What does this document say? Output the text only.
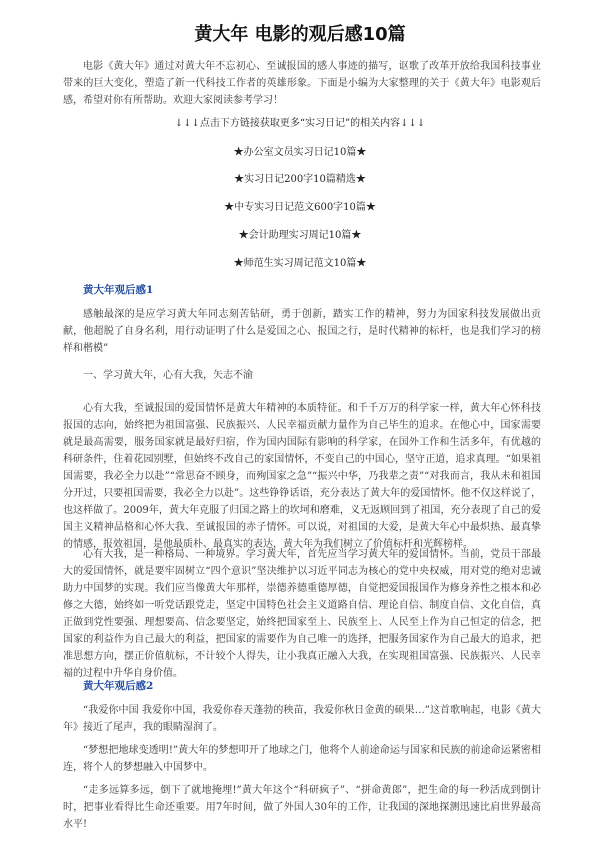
黄大年 电影的观后感10篇

电影《黄大年》通过对黄大年不忘初心、至诚报国的感人事迹的描写，讴歌了改革开放给我国科技事业带来的巨大变化，塑造了新一代科技工作者的英雄形象。下面是小编为大家整理的关于《黄大年》电影观后感，希望对你有所帮助。欢迎大家阅读参考学习！

↓↓↓点击下方链接获取更多“实习日记”的相关内容↓↓↓
★办公室文员实习日记10篇★
★实习日记200字10篇精选★
★中专实习日记范文600字10篇★
★会计助理实习周记10篇★
★师范生实习周记范文10篇★
黄大年观后感1

感触最深的是应学习黄大年同志刻苦钻研，勇于创新，踏实工作的精神，努力为国家科技发展做出贡献，他超脱了自身名利，用行动证明了什么是爱国之心、报国之行，是时代精神的标杆，也是我们学习的榜样和楷模”

一、学习黄大年，心有大我，矢志不渝

心有大我，至诚报国的爱国情怀是黄大年精神的本质特征。和千千万万的科学家一样，黄大年心怀科技报国的志向，始终把为祖国富强、民族振兴、人民幸福贡献力量作为自己毕生的追求。在他心中，国家需要就是最高需要，服务国家就是最好归宿，作为国内国际有影响的科学家，在国外工作和生活多年，有优越的科研条件，住着花园别墅，但始终不改自己的家国情怀，不变自己的中国心，坚守正道，追求真理。“如果祖国需要，我必全力以赴”“常思奋不顾身，而殉国家之急”“振兴中华，乃我辈之责”“对我而言，我从未和祖国分开过，只要祖国需要，我必全力以赴”。这些铮铮话语，充分表达了黄大年的爱国情怀。他不仅这样说了，也这样做了。2009年，黄大年克服了归国之路上的坎坷和磨难，义无返顾回到了祖国，充分表现了自己的爱国主义精神品格和心怀大我、至诚报国的赤子情怀。可以说，对祖国的大爱，是黄大年心中最炽热、最真挚的情感，报效祖国，是他最质朴、最真实的表达，黄大年为我们树立了价值标杆和光辉榜样。

心有大我，是一种格局、一种境界。学习黄大年，首先应当学习黄大年的爱国情怀。当前，党员干部最大的爱国情怀，就是要牢固树立“四个意识”坚决维护以习近平同志为核心的党中央权威，用对党的绝对忠诚助力中国梦的实现。我们应当像黄大年那样，崇德养德重德厚德，自觉把爱国报国作为修身养性之根本和必修之大德，始终如一听党话跟党走，坚定中国特色社会主义道路自信、理论自信、制度自信、文化自信，真正做到党性要强、理想要高、信念要坚定，始终把国家至上、民族至上、人民至上作为自己恒定的信念，把国家的利益作为自己最大的利益，把国家的需要作为自己唯一的选择，把服务国家作为自己最大的追求，把准思想方向，摆正价值航标，不计较个人得失，让小我真正融入大我，在实现祖国富强、民族振兴、人民幸福的过程中升华自身价值。

黄大年观后感2

“我爱你中国 我爱你中国，我爱你春天蓬勃的秧苗，我爱你秋日金黄的硕果…”这首歌响起，电影《黄大年》接近了尾声，我的眼睛湿润了。

“梦想把地球变透明!”黄大年的梦想叩开了地球之门，他将个人前途命运与国家和民族的前途命运紧密相连，将个人的梦想融入中国梦中。

“走多远算多远，倒下了就地掩埋!”黄大年这个“科研疯子”、“拼命黄郎”，把生命的每一秒活成到倒计时，把事业看得比生命还重要。用7年时间，做了外国人30年的工作，让我国的深地探测迅速比肩世界最高水平!
